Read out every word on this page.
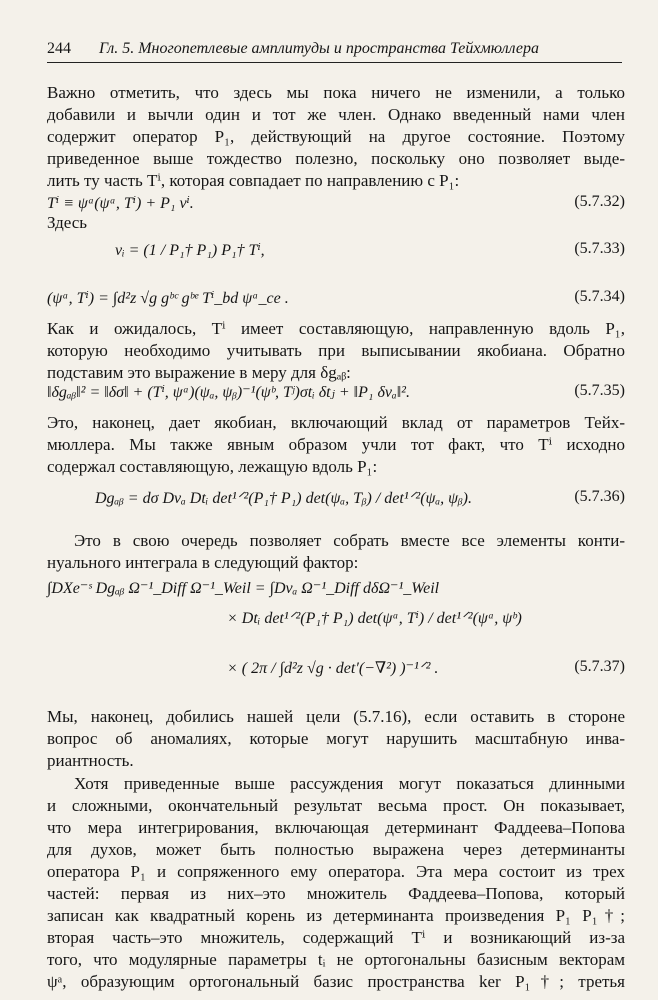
244 Гл. 5. Многопетлевые амплитуды и пространства Тейхмюллера
Важно отметить, что здесь мы пока ничего не изменили, а только
добавили и вычли один и тот же член. Однако введенный нами член
содержит оператор P₁, действующий на другое состояние. Поэтому
приведенное выше тождество полезно, поскольку оно позволяет выде-
лить ту часть Tⁱ, которая совпадает по направлению с P₁:
Tⁱ ≡ ψᵃ(ψᵃ, Tⁱ) + P₁ vⁱ.	(5.7.32)
Здесь
vᵢ = (1 / P₁† P₁) P₁† Tⁱ,	(5.7.33)
(ψᵃ, Tⁱ) = ∫d²z √g gᵇᶜ gᵇᵉ Tⁱ_bd ψᵃ_ce .	(5.7.34)
Как и ожидалось, Tⁱ имеет составляющую, направленную вдоль P₁,
которую необходимо учитывать при выписывании якобиана. Обратно
подставим это выражение в меру для δgₐᵦ:
‖δgₐᵦ‖² = ‖δσ‖ + (Tⁱ, ψᵃ)(ψₐ, ψᵦ)⁻¹(ψᵇ, Tʲ)σtᵢ δtⱼ + ‖P₁ δvₐ‖².	(5.7.35)
Это, наконец, дает якобиан, включающий вклад от параметров Тейх-
мюллера. Мы также явным образом учли тот факт, что Tⁱ исходно
содержал составляющую, лежащую вдоль P₁:
Dgₐᵦ = dσ Dvₐ Dtᵢ det¹ᐟ²(P₁† P₁) det(ψₐ, Tᵦ) / det¹ᐟ²(ψₐ, ψᵦ).	(5.7.36)
Это в свою очередь позволяет собрать вместе все элементы конти-
нуального интеграла в следующий фактор:
∫DXe⁻ˢ Dgₐᵦ Ω⁻¹_Diff Ω⁻¹_Weil = ∫Dvₐ Ω⁻¹_Diff dδΩ⁻¹_Weil
× Dtᵢ det¹ᐟ²(P₁† P₁) det(ψᵃ, Tⁱ) / det¹ᐟ²(ψᵃ, ψᵇ)
× ( 2π / ∫d²z √g · det′(−∇²) )⁻¹ᐟ² .	(5.7.37)
Мы, наконец, добились нашей цели (5.7.16), если оставить в стороне
вопрос об аномалиях, которые могут нарушить масштабную инва-
риантность.
Хотя приведенные выше рассуждения могут показаться длинными
и сложными, окончательный результат весьма прост. Он показывает,
что мера интегрирования, включающая детерминант Фаддеева–Попова
для духов, может быть полностью выражена через детерминанты
оператора P₁ и сопряженного ему оператора. Эта мера состоит из трех
частей: первая из них–это множитель Фаддеева–Попова, который
записан как квадратный корень из детерминанта произведения P₁ P₁†;
вторая часть–это множитель, содержащий Tⁱ и возникающий из-за
того, что модулярные параметры tᵢ не ортогональны базисным векторам
ψᵃ, образующим ортогональный базис пространства ker P₁†; третья
